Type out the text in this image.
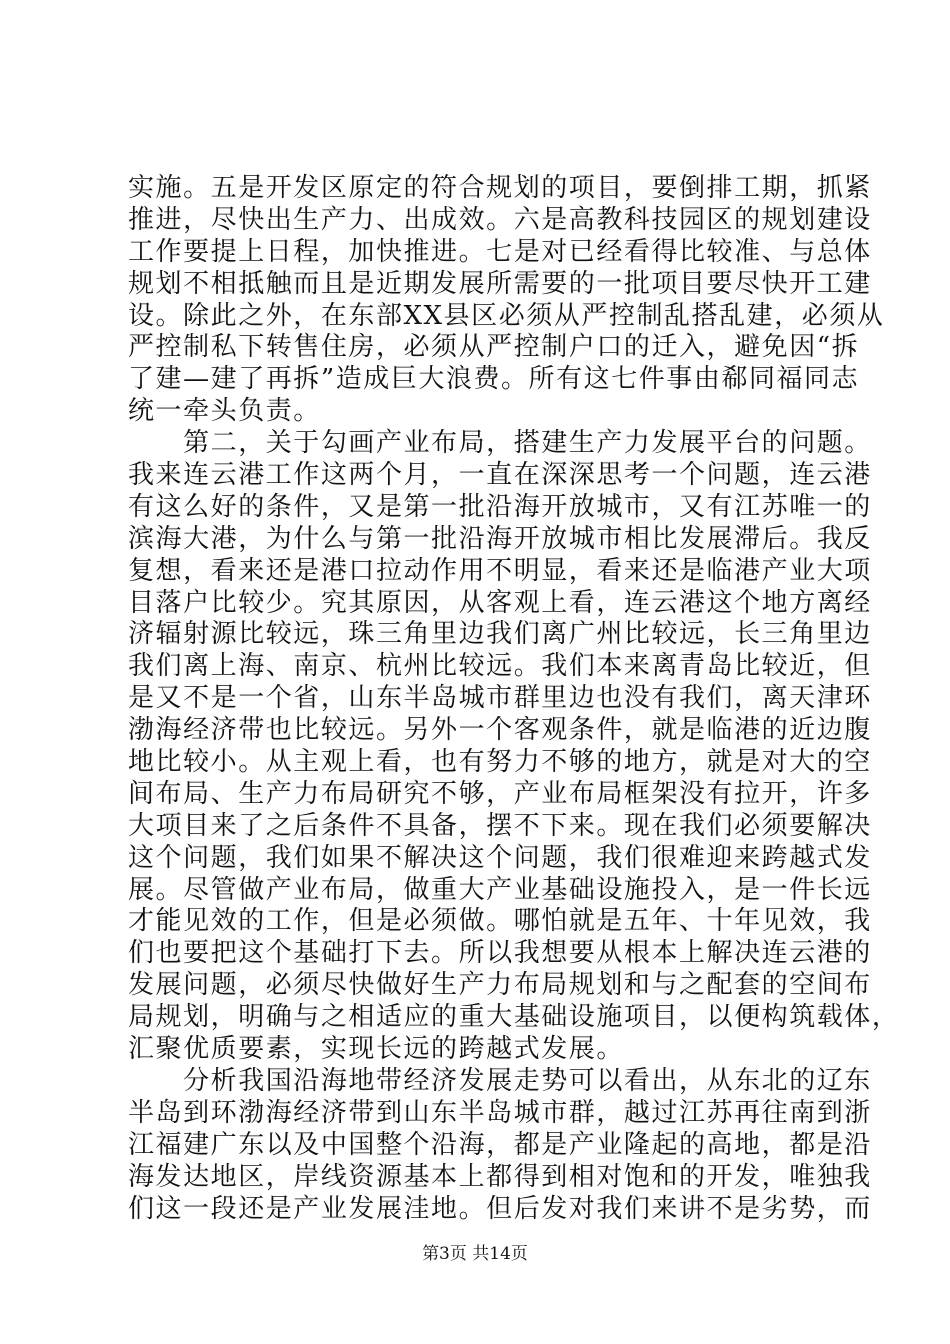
实施。五是开发区原定的符合规划的项目，要倒排工期，抓紧
推进，尽快出生产力、出成效。六是高教科技园区的规划建设
工作要提上日程，加快推进。七是对已经看得比较准、与总体
规划不相抵触而且是近期发展所需要的一批项目要尽快开工建
设。除此之外，在东部XX县区必须从严控制乱搭乱建，必须从
严控制私下转售住房，必须从严控制户口的迁入，避免因“拆
了建—建了再拆”造成巨大浪费。所有这七件事由郗同福同志
统一牵头负责。
　　第二，关于勾画产业布局，搭建生产力发展平台的问题。
我来连云港工作这两个月，一直在深深思考一个问题，连云港
有这么好的条件，又是第一批沿海开放城市，又有江苏唯一的
滨海大港，为什么与第一批沿海开放城市相比发展滞后。我反
复想，看来还是港口拉动作用不明显，看来还是临港产业大项
目落户比较少。究其原因，从客观上看，连云港这个地方离经
济辐射源比较远，珠三角里边我们离广州比较远，长三角里边
我们离上海、南京、杭州比较远。我们本来离青岛比较近，但
是又不是一个省，山东半岛城市群里边也没有我们，离天津环
渤海经济带也比较远。另外一个客观条件，就是临港的近边腹
地比较小。从主观上看，也有努力不够的地方，就是对大的空
间布局、生产力布局研究不够，产业布局框架没有拉开，许多
大项目来了之后条件不具备，摆不下来。现在我们必须要解决
这个问题，我们如果不解决这个问题，我们很难迎来跨越式发
展。尽管做产业布局，做重大产业基础设施投入，是一件长远
才能见效的工作，但是必须做。哪怕就是五年、十年见效，我
们也要把这个基础打下去。所以我想要从根本上解决连云港的
发展问题，必须尽快做好生产力布局规划和与之配套的空间布
局规划，明确与之相适应的重大基础设施项目，以便构筑载体，
汇聚优质要素，实现长远的跨越式发展。
　　分析我国沿海地带经济发展走势可以看出，从东北的辽东
半岛到环渤海经济带到山东半岛城市群，越过江苏再往南到浙
江福建广东以及中国整个沿海，都是产业隆起的高地，都是沿
海发达地区，岸线资源基本上都得到相对饱和的开发，唯独我
们这一段还是产业发展洼地。但后发对我们来讲不是劣势，而
第3页 共14页
